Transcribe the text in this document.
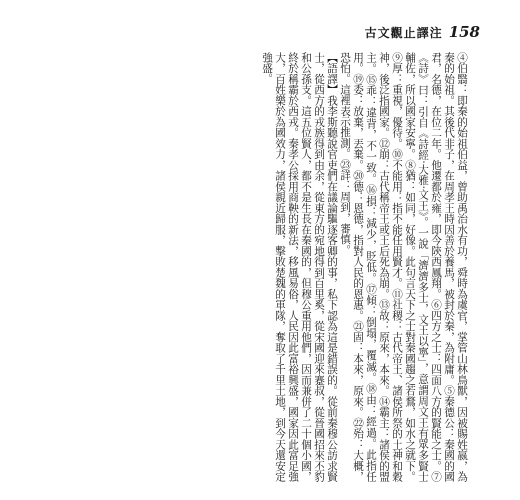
古文觀止譯注 158

④伯翳：即秦的始祖伯益，曾助禹治水有功，舜時為虞官，掌管山林鳥獸，因被賜姓嬴，為秦的始祖。其後代非子，在周孝王時因善於養馬，被封於秦，為附庸。⑤秦德公：秦國的國君，名德，在位二年。他遷都於雍，即今陝西鳳翔。⑥四方之士：四面八方的賢能之士。⑦《詩》曰：引自《詩經‧大雅‧文王》。一說「濟濟多士，文王以寧」，意謂周文王有眾多賢士輔佐，所以國家安寧。⑧猶：如同，好像。此句言天下之士對秦國趨之若鶩，如水之就下。⑨厚：重視，優待。⑩不能用：指不能任用賢才。⑪社稷：古代帝王、諸侯所祭的土神和穀神，後泛指國家。⑫崩：古代稱帝王或王后死為崩。⑬故：原來，本來。⑭霸主：諸侯的盟主。⑮乖：違背，不一致。⑯損：減少，貶低。⑰傾：倒塌，覆滅。⑱由：經過。此指任用。⑲委：放棄，丟棄。⑳德：恩德，指對人民的恩惠。㉑固：本來，原來。㉒殆：大概，恐怕。這裡表示推測。㉓詳：周到，審慎。

【語譯】我李斯聽說官吏們在議論驅逐客卿的事，私下認為這是錯誤的。從前秦穆公訪求賢士，從西方的戎族得到由余，從東方的宛地得到百里奚，從宋國迎來蹇叔，從晉國招來丕豹和公孫支。這五位賢人，都不是生長在秦國的，但穆公重用他們，因而兼併了二十個小國，終於稱霸於西戎。秦孝公採用商鞅的新法，移風易俗，人民因此富裕興盛，國家因此富足強大，百姓樂於為國效力，諸侯親近歸服，擊敗楚魏的軍隊，奪取了千里土地，到今天還安定強盛。
